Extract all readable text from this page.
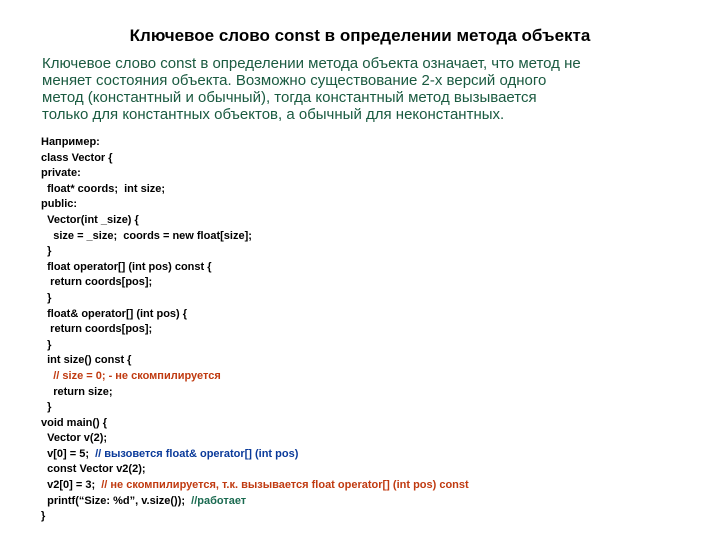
Ключевое слово const в определении метода объекта
Ключевое слово const в определении метода объекта означает, что метод не
меняет состояния объекта. Возможно существование 2-х версий одного
метод (константный и обычный), тогда константный метод вызывается
только для константных объектов, а обычный для неконстантных.
Например:
class Vector {
private:
float* coords;  int size;
public:
Vector(int _size) {
size = _size;  coords = new float[size];
}
float operator[] (int pos) const {
return coords[pos];
}
float& operator[] (int pos) {
return coords[pos];
}
int size() const {
// size = 0; - не скомпилируется
return size;
}
void main() {
Vector v(2);
v[0] = 5;  // вызовется float& operator[] (int pos)
const Vector v2(2);
v2[0] = 3;  // не скомпилируется, т.к. вызывается float operator[] (int pos) const
printf(“Size: %d”, v.size());  //работает
}
